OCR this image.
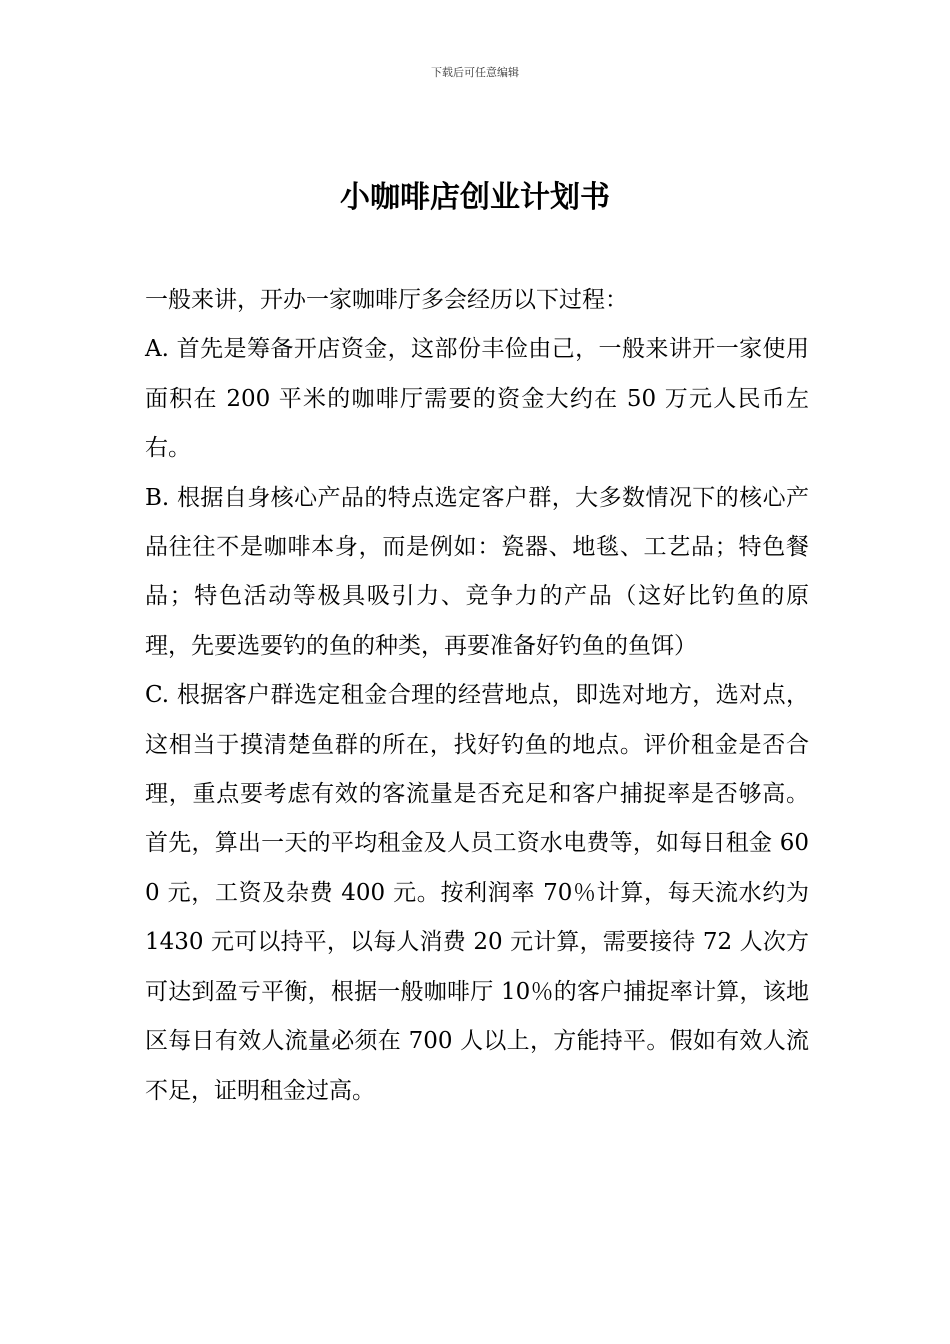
下载后可任意编辑
小咖啡店创业计划书

一般来讲，开办一家咖啡厅多会经历以下过程：

A. 首先是筹备开店资金，这部份丰俭由己，一般来讲开一家使用面积在 200 平米的咖啡厅需要的资金大约在 50 万元人民币左右。

B. 根据自身核心产品的特点选定客户群，大多数情况下的核心产品往往不是咖啡本身，而是例如：瓷器、地毯、工艺品；特色餐品；特色活动等极具吸引力、竞争力的产品（这好比钓鱼的原理，先要选要钓的鱼的种类，再要准备好钓鱼的鱼饵）

C. 根据客户群选定租金合理的经营地点，即选对地方，选对点，这相当于摸清楚鱼群的所在，找好钓鱼的地点。评价租金是否合理，重点要考虑有效的客流量是否充足和客户捕捉率是否够高。首先，算出一天的平均租金及人员工资水电费等，如每日租金 600 元，工资及杂费 400 元。按利润率 70％计算，每天流水约为 1430 元可以持平，以每人消费 20 元计算，需要接待 72 人次方可达到盈亏平衡，根据一般咖啡厅 10％的客户捕捉率计算，该地区每日有效人流量必须在 700 人以上，方能持平。假如有效人流不足，证明租金过高。
